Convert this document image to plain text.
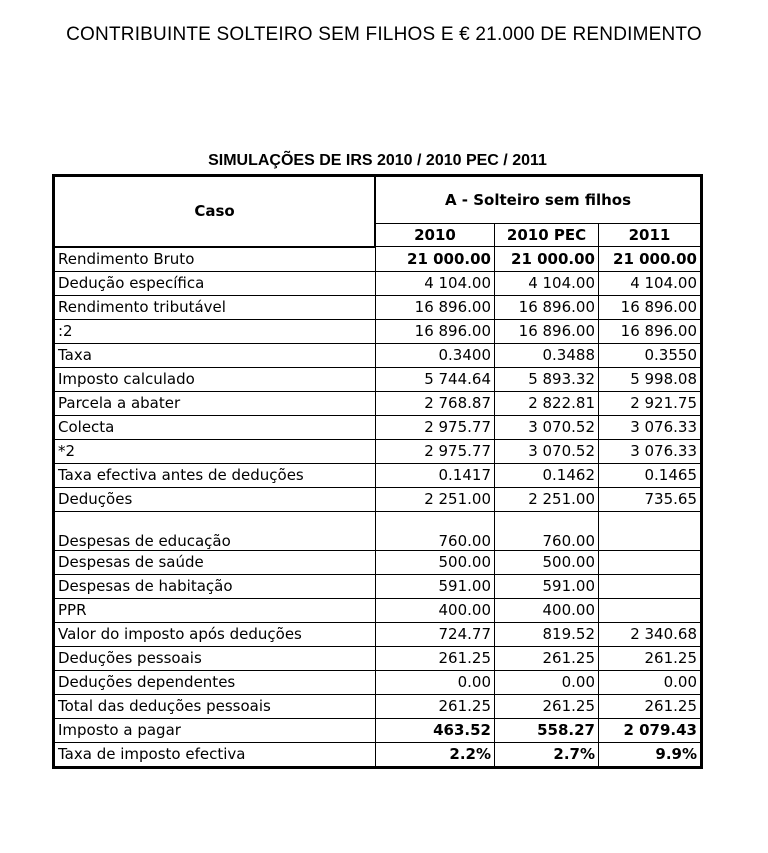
CONTRIBUINTE SOLTEIRO SEM FILHOS E € 21.000 DE RENDIMENTO
SIMULAÇÕES DE IRS 2010 / 2010 PEC / 2011
Caso	A - Solteiro sem filhos		
	2010	2010 PEC	2011
Rendimento Bruto	21 000.00	21 000.00	21 000.00
Dedução específica	4 104.00	4 104.00	4 104.00
Rendimento tributável	16 896.00	16 896.00	16 896.00
:2	16 896.00	16 896.00	16 896.00
Taxa	0.3400	0.3488	0.3550
Imposto calculado	5 744.64	5 893.32	5 998.08
Parcela a abater	2 768.87	2 822.81	2 921.75
Colecta	2 975.77	3 070.52	3 076.33
*2	2 975.77	3 070.52	3 076.33
Taxa efectiva antes de deduções	0.1417	0.1462	0.1465
Deduções	2 251.00	2 251.00	735.65
Despesas de educação	760.00	760.00	
Despesas de saúde	500.00	500.00	
Despesas de habitação	591.00	591.00	
PPR	400.00	400.00	
Valor do imposto após deduções	724.77	819.52	2 340.68
Deduções pessoais	261.25	261.25	261.25
Deduções dependentes	0.00	0.00	0.00
Total das deduções pessoais	261.25	261.25	261.25
Imposto a pagar	463.52	558.27	2 079.43
Taxa de imposto efectiva	2.2%	2.7%	9.9%
